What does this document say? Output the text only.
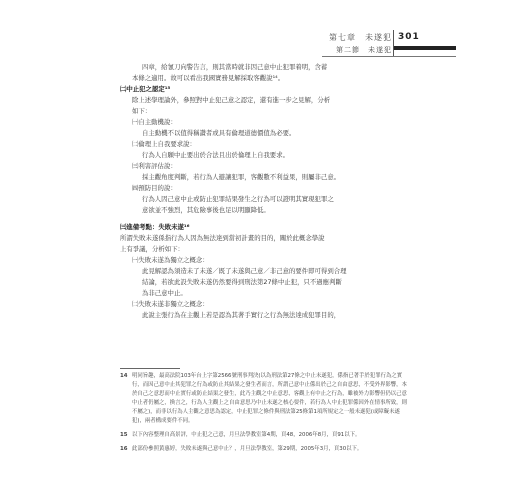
第七章　未遂犯
第二節　未遂犯
301
四章，給氰刀向警告言，則其當時就非因己意中止犯罪着明，含蓄
本條之適用。故可以看出我國實務見解採取客觀說¹⁴。
㈡中止犯之認定¹⁵
除上述學理論外，參照對中止犯己意之認定，還有進一步之見解，分析
如下：
㈠自主動機說：
自主動機不以值得稱讚者或具有倫理道德價值為必要。
㈡倫理上自我要求說：
行為人自願中止要出於合法且出於倫理上自我要求。
㈢利害評估說：
採主觀角度判斷，若行為人避讓犯罪，客觀數不利益果，則屬非己意。
㈣預防目的說：
行為人因己意中止或防止犯罪結果發生之行為可以證明其實現犯罪之
意欲並不強烈，其危險事後也足以明顯降低。
㈢進備考點：失敗未遂¹⁶
所謂失敗未遂係指行為人因為無法達到當初計畫的目的，關於此概念學說
上有爭議，分析如下：
㈠失敗未遂為獨立之概念：
此見解認為須造未了未遂／既了未遂與己意／非己意的要件即可得到合理
結論，若欲此設失敗未遂仍然要得到刑法第27條中止犯，只不過應判斷
為非己意中止。
㈡失敗未遂非獨立之概念：
此說主張行為在主觀上若是認為其著手實行之行為無法達成犯罪目的，
14 明同旨趣，最高法院103年台上字第2566號刑事判決(以為刑法第27條之中止未遂犯，係指已著手於犯罪行為之實行，而因己意中止其犯罪之行為或防止其結果之發生者而言，所謂己意中止係出於己之自由意思，不受外界影響，本於自己之意思而中止實行或防止結果之發生，此乃主觀之中止意思，客觀上有中止之行為，雖被外力影響但仍以己意中止者仍屬之，換言之，行為人主觀上之自由意思乃中止未遂之核心要件，若行為人中止犯罪係因外在情事所致，則不屬之)，而非以行為人主觀之意思為認定，中止犯罪之條件與刑法第25條第1項所規定之一般未遂犯(或障礙未遂犯)，兩者構成要件不同。
15 以下內容整理自高景評，中止犯之己意，月旦法學教室第4期，頁48，2006年8月，頁91以下。
16 此部份參照黃惠婷，失敗未遂與己意中止？，月旦法學教室，第29期，2005年3月，頁30以下。
